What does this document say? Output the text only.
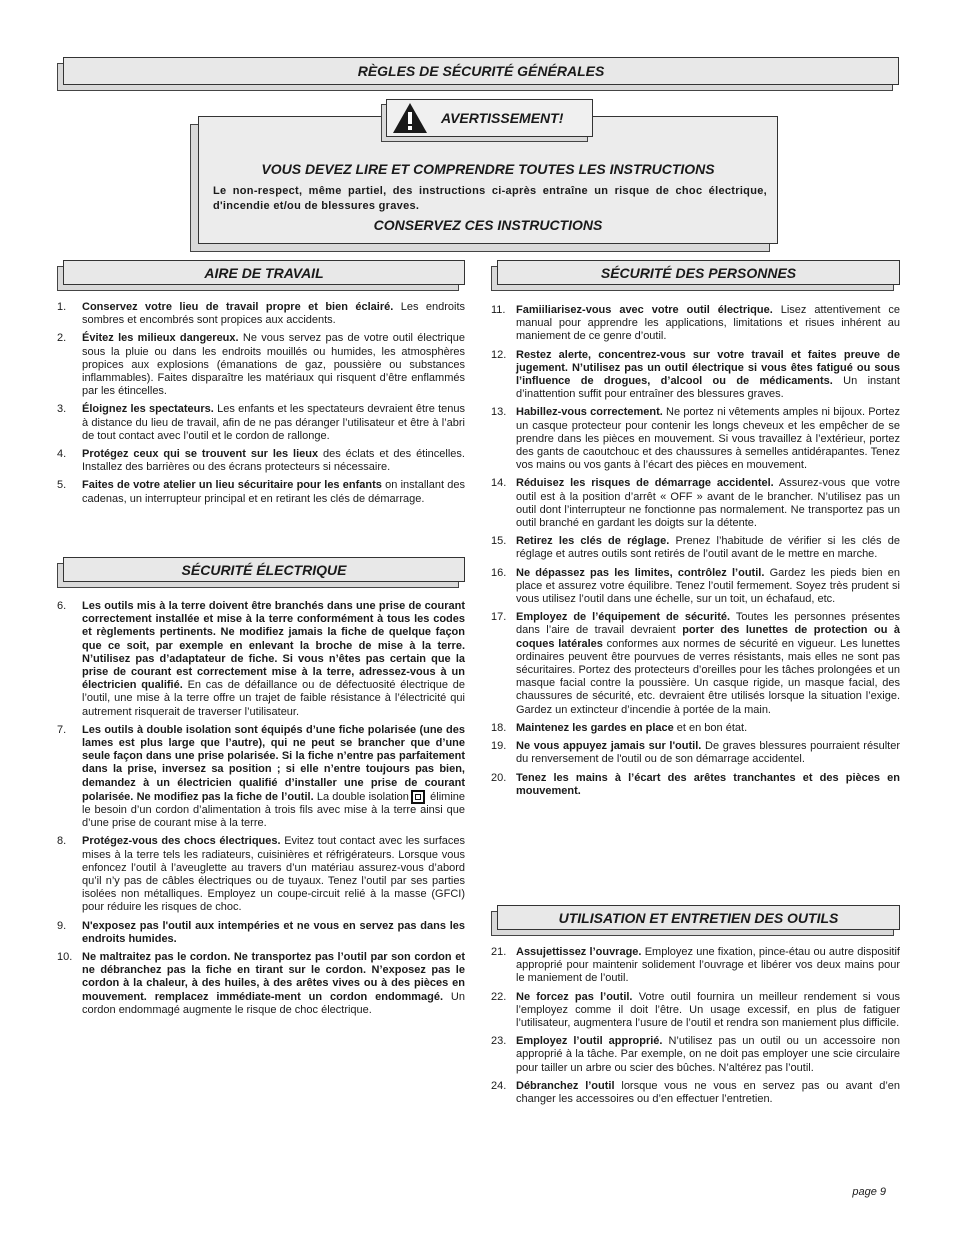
RÈGLES DE SÉCURITÉ GÉNÉRALES
VOUS DEVEZ LIRE ET COMPRENDRE TOUTES LES INSTRUCTIONS
Le non-respect, même partiel, des instructions ci-après entraîne un risque de choc électrique, d'incendie et/ou de blessures graves.
CONSERVEZ CES INSTRUCTIONS
AVERTISSEMENT!
AIRE DE TRAVAIL
SÉCURITÉ ÉLECTRIQUE
SÉCURITÉ DES PERSONNES
UTILISATION ET ENTRETIEN DES OUTILS
1. Conservez votre lieu de travail propre et bien éclairé. Les endroits sombres et encombrés sont propices aux accidents.
2. Évitez les milieux dangereux. Ne vous servez pas de votre outil électrique sous la pluie ou dans les endroits mouillés ou humides, les atmosphères propices aux explosions (émanations de gaz, poussière ou substances inflammables). Faites disparaître les matériaux qui risquent d’être enflammés par les étincelles.
3. Éloignez les spectateurs. Les enfants et les spectateurs devraient être tenus à distance du lieu de travail, afin de ne pas déranger l’utilisateur et être à l’abri de tout contact avec l’outil et le cordon de rallonge.
4. Protégez ceux qui se trouvent sur les lieux des éclats et des étincelles. Installez des barrières ou des écrans protecteurs si nécessaire.
5. Faites de votre atelier un lieu sécuritaire pour les enfants on installant des cadenas, un interrupteur principal et en retirant les clés de démarrage.
6. Les outils mis à la terre doivent être branchés dans une prise de courant correctement installée et mise à la terre conformément à tous les codes et règlements pertinents. Ne modifiez jamais la fiche de quelque façon que ce soit, par exemple en enlevant la broche de mise à la terre. N’utilisez pas d’adaptateur de fiche. Si vous n’êtes pas certain que la prise de courant est correctement mise à la terre, adressez-vous à un électricien qualifié. En cas de défaillance ou de défectuosité électrique de l’outil, une mise à la terre offre un trajet de faible résistance à l’électricité qui autrement risquerait de traverser l’utilisateur.
7. Les outils à double isolation sont équipés d’une fiche polarisée (une des lames est plus large que l’autre), qui ne peut se brancher que d’une seule façon dans une prise polarisée. Si la fiche n’entre pas parfaitement dans la prise, inversez sa position ; si elle n’entre toujours pas bien, demandez à un électricien qualifié d’installer une prise de courant polarisée. Ne modifiez pas la fiche de l’outil. La double isolation élimine le besoin d’un cordon d’alimentation à trois fils avec mise à la terre ainsi que d’une prise de courant mise à la terre.
8. Protégez-vous des chocs électriques. Evitez tout contact avec les surfaces mises à la terre tels les radiateurs, cuisinières et réfrigérateurs. Lorsque vous enfoncez l’outil à l’aveuglette au travers d’un matériau assurez-vous d’abord qu’il n’y pas de câbles électriques ou de tuyaux. Tenez l’outil par ses parties isolées non métalliques. Employez un coupe-circuit relié à la masse (GFCI) pour réduire les risques de choc.
9. N'exposez pas l'outil aux intempéries et ne vous en servez pas dans les endroits humides.
10. Ne maltraitez pas le cordon. Ne transportez pas l’outil par son cordon et ne débranchez pas la fiche en tirant sur le cordon. N’exposez pas le cordon à la chaleur, à des huiles, à des arêtes vives ou à des pièces en mouvement. remplacez immédiate-ment un cordon endommagé. Un cordon endommagé augmente le risque de choc électrique.
11. Famiiliarisez-vous avec votre outil électrique. Lisez attentivement ce manual pour apprendre les applications, limitations et risues inhérent au maniement de ce genre d’outil.
12. Restez alerte, concentrez-vous sur votre travail et faites preuve de jugement. N’utilisez pas un outil électrique si vous êtes fatigué ou sous l’influence de drogues, d’alcool ou de médicaments. Un instant d’inattention suffit pour entraîner des blessures graves.
13. Habillez-vous correctement. Ne portez ni vêtements amples ni bijoux. Portez un casque protecteur pour contenir les longs cheveux et les empêcher de se prendre dans les pièces en mouvement. Si vous travaillez à l’extérieur, portez des gants de caoutchouc et des chaussures à semelles antidérapantes. Tenez vos mains ou vos gants à l’écart des pièces en mouvement.
14. Réduisez les risques de démarrage accidentel. Assurez-vous que votre outil est à la position d’arrêt « OFF » avant de le brancher. N’utilisez pas un outil dont l’interrupteur ne fonctionne pas normalement. Ne transportez pas un outil branché en gardant les doigts sur la détente.
15. Retirez les clés de réglage. Prenez l’habitude de vérifier si les clés de réglage et autres outils sont retirés de l’outil avant de le mettre en marche.
16. Ne dépassez pas les limites, contrôlez l’outil. Gardez les pieds bien en place et assurez votre équilibre. Tenez l’outil fermement. Soyez très prudent si vous utilisez l’outil dans une échelle, sur un toit, un échafaud, etc.
17. Employez de l’équipement de sécurité. Toutes les personnes présentes dans l’aire de travail devraient porter des lunettes de protection ou à coques latérales conformes aux normes de sécurité en vigueur. Les lunettes ordinaires peuvent être pourvues de verres résistants, mais elles ne sont pas sécuritaires. Portez des protecteurs d’oreilles pour les tâches prolongées et un masque facial contre la poussière. Un casque rigide, un masque facial, des chaussures de sécurité, etc. devraient être utilisés lorsque la situation l’exige. Gardez un extincteur d’incendie à portée de la main.
18. Maintenez les gardes en place et en bon état.
19. Ne vous appuyez jamais sur l'outil. De graves blessures pourraient résulter du renversement de l'outil ou de son démarrage accidentel.
20. Tenez les mains à l’écart des arêtes tranchantes et des pièces en mouvement.
21. Assujettissez l’ouvrage. Employez une fixation, pince-étau ou autre dispositif approprié pour maintenir solidement l’ouvrage et libérer vos deux mains pour le maniement de l’outil.
22. Ne forcez pas l’outil. Votre outil fournira un meilleur rendement si vous l’employez comme il doit l’être. Un usage excessif, en plus de fatiguer l’utilisateur, augmentera l’usure de l’outil et rendra son maniement plus difficile.
23. Employez l’outil approprié. N’utilisez pas un outil ou un accessoire non approprié à la tâche. Par exemple, on ne doit pas employer une scie circulaire pour tailler un arbre ou scier des bûches. N’altérez pas l’outil.
24. Débranchez l’outil lorsque vous ne vous en servez pas ou avant d’en changer les accessoires ou d’en effectuer l’entretien.
page 9
